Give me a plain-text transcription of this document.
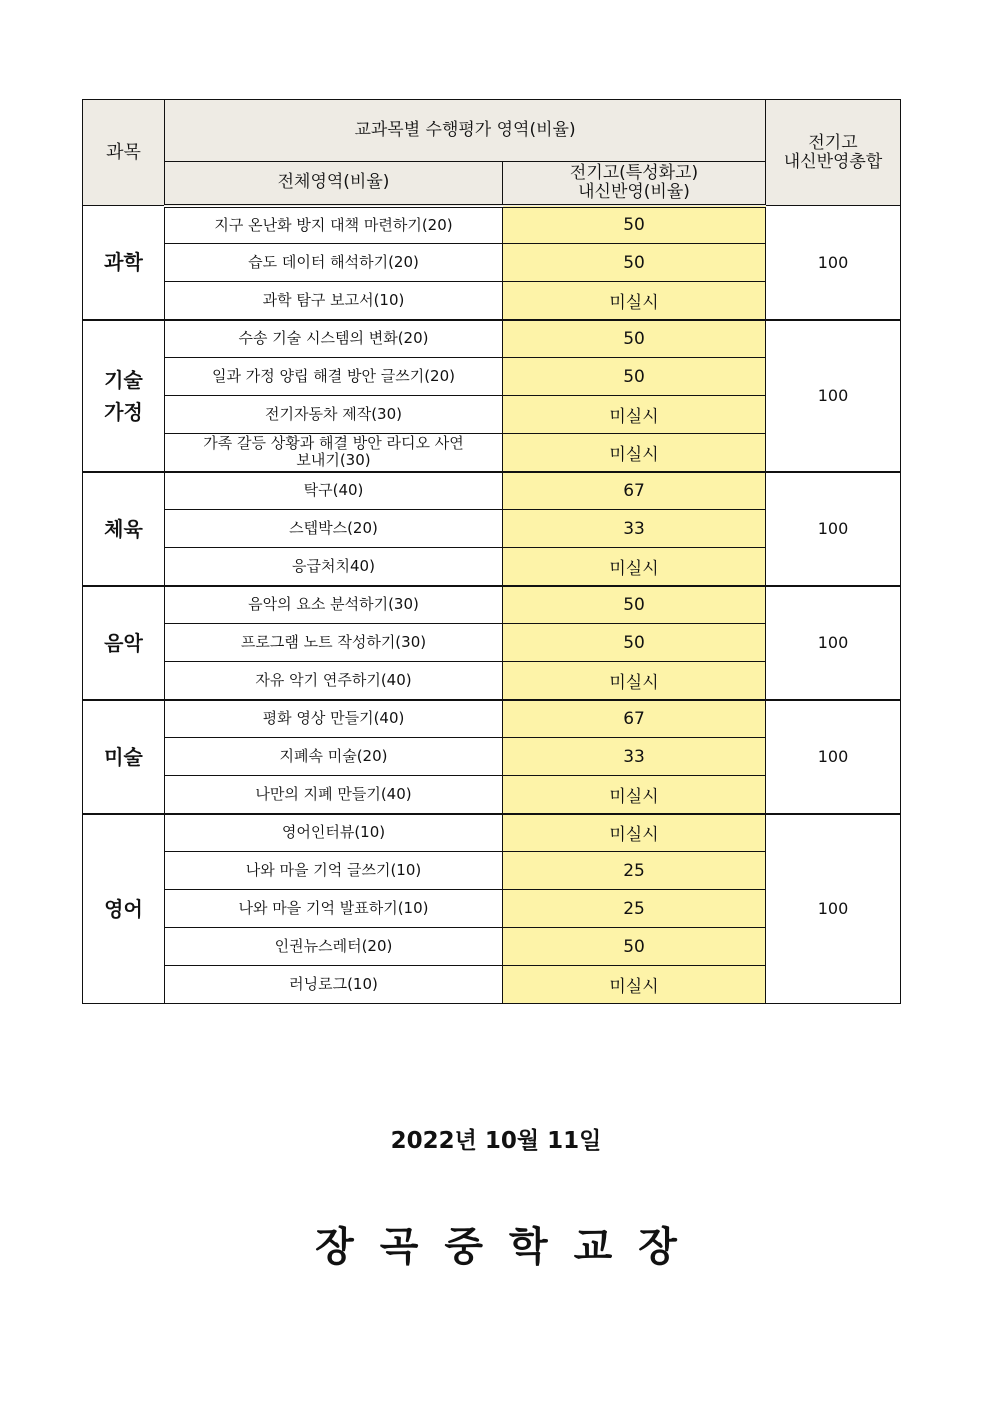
과목	교과목별 수행평가 영역(비율)		전기고
내신반영총합
	전체영역(비율)	전기고(특성화고)
내신반영(비율)	
과학	지구 온난화 방지 대책 마련하기(20)	50	100
	습도 데이터 해석하기(20)	50	
	과학 탐구 보고서(10)	미실시	
기술
가정	수송 기술 시스템의 변화(20)	50	100
	일과 가정 양립 해결 방안 글쓰기(20)	50	
	전기자동차 제작(30)	미실시	
	가족 갈등 상황과 해결 방안 라디오 사연
보내기(30)	미실시	
체육	탁구(40)	67	100
	스텝박스(20)	33	
	응급처치40)	미실시	
음악	음악의 요소 분석하기(30)	50	100
	프로그램 노트 작성하기(30)	50	
	자유 악기 연주하기(40)	미실시	
미술	평화 영상 만들기(40)	67	100
	지폐속 미술(20)	33	
	나만의 지폐 만들기(40)	미실시	
영어	영어인터뷰(10)	미실시	100
	나와 마을 기억 글쓰기(10)	25	
	나와 마을 기억 발표하기(10)	25	
	인권뉴스레터(20)	50	
	러닝로그(10)	미실시	
2022년 10월 11일
장곡중학교장
